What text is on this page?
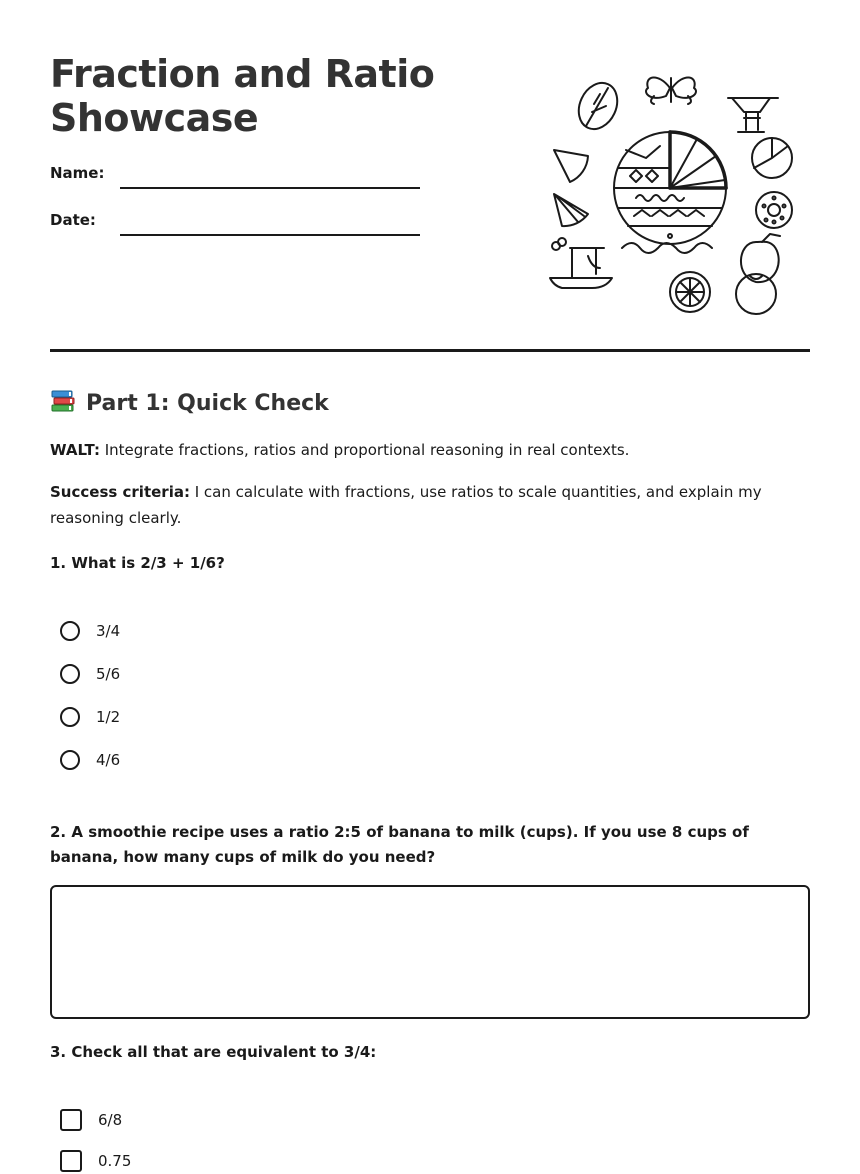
Fraction and Ratio Showcase
Name:
Date:
Part 1: Quick Check

WALT: Integrate fractions, ratios and proportional reasoning in real contexts.

Success criteria: I can calculate with fractions, use ratios to scale quantities, and explain my reasoning clearly.

1. What is 2/3 + 1/6?

3/4
5/6
1/2
4/6

2. A smoothie recipe uses a ratio 2:5 of banana to milk (cups). If you use 8 cups of banana, how many cups of milk do you need?

3. Check all that are equivalent to 3/4:

6/8
0.75
